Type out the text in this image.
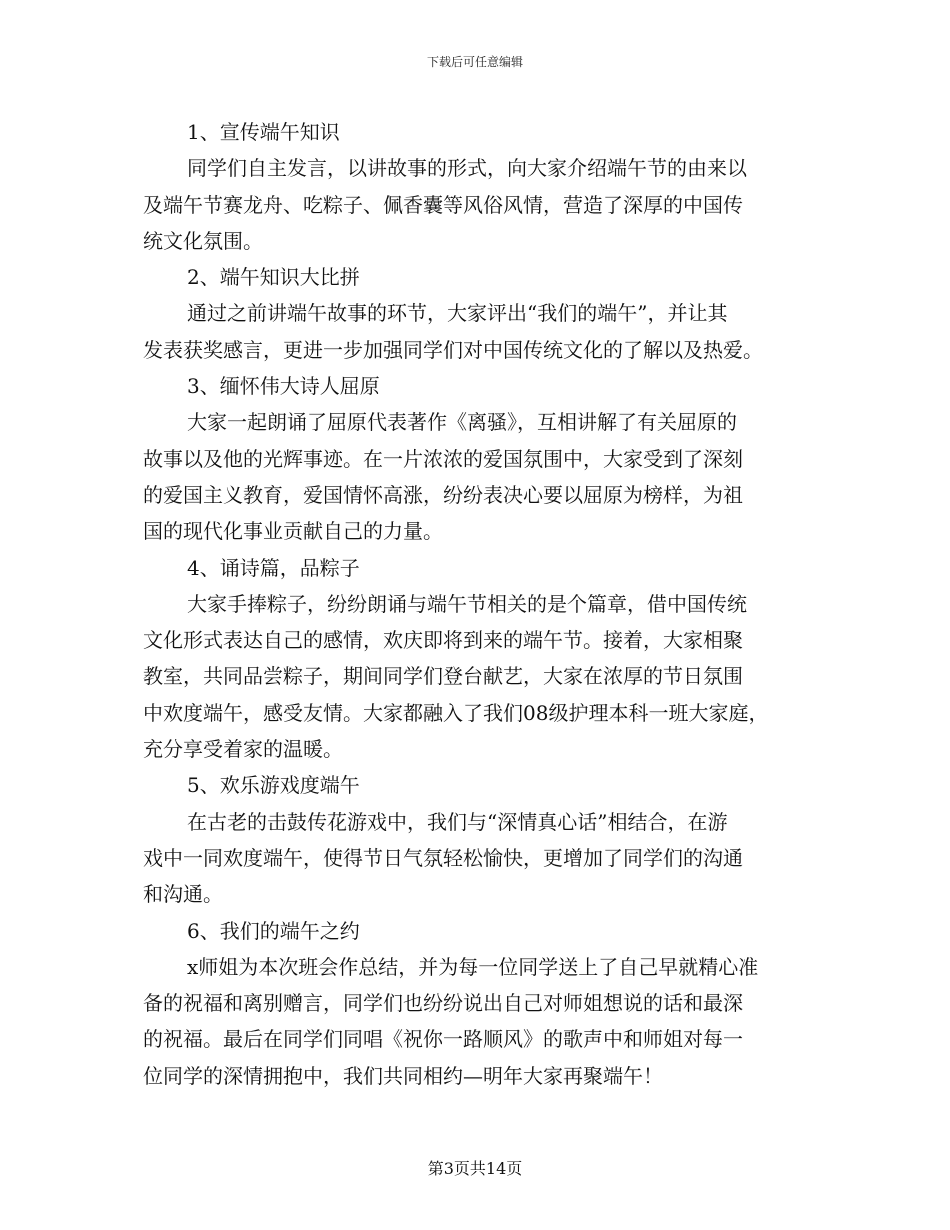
下载后可任意编辑

1、宣传端午知识

同学们自主发言，以讲故事的形式，向大家介绍端午节的由来以

及端午节赛龙舟、吃粽子、佩香囊等风俗风情，营造了深厚的中国传

统文化氛围。

2、端午知识大比拼

通过之前讲端午故事的环节，大家评出“我们的端午”，并让其

发表获奖感言，更进一步加强同学们对中国传统文化的了解以及热爱。

3、缅怀伟大诗人屈原

大家一起朗诵了屈原代表著作《离骚》，互相讲解了有关屈原的

故事以及他的光辉事迹。在一片浓浓的爱国氛围中，大家受到了深刻

的爱国主义教育，爱国情怀高涨，纷纷表决心要以屈原为榜样，为祖

国的现代化事业贡献自己的力量。

4、诵诗篇，品粽子

大家手捧粽子，纷纷朗诵与端午节相关的是个篇章，借中国传统

文化形式表达自己的感情，欢庆即将到来的端午节。接着，大家相聚

教室，共同品尝粽子，期间同学们登台献艺，大家在浓厚的节日氛围

中欢度端午，感受友情。大家都融入了我们08级护理本科一班大家庭，

充分享受着家的温暖。

5、欢乐游戏度端午

在古老的击鼓传花游戏中，我们与“深情真心话”相结合，在游

戏中一同欢度端午，使得节日气氛轻松愉快，更增加了同学们的沟通

和沟通。

6、我们的端午之约

x师姐为本次班会作总结，并为每一位同学送上了自己早就精心准

备的祝福和离别赠言，同学们也纷纷说出自己对师姐想说的话和最深

的祝福。最后在同学们同唱《祝你一路顺风》的歌声中和师姐对每一

位同学的深情拥抱中，我们共同相约—明年大家再聚端午！

第3页共14页
